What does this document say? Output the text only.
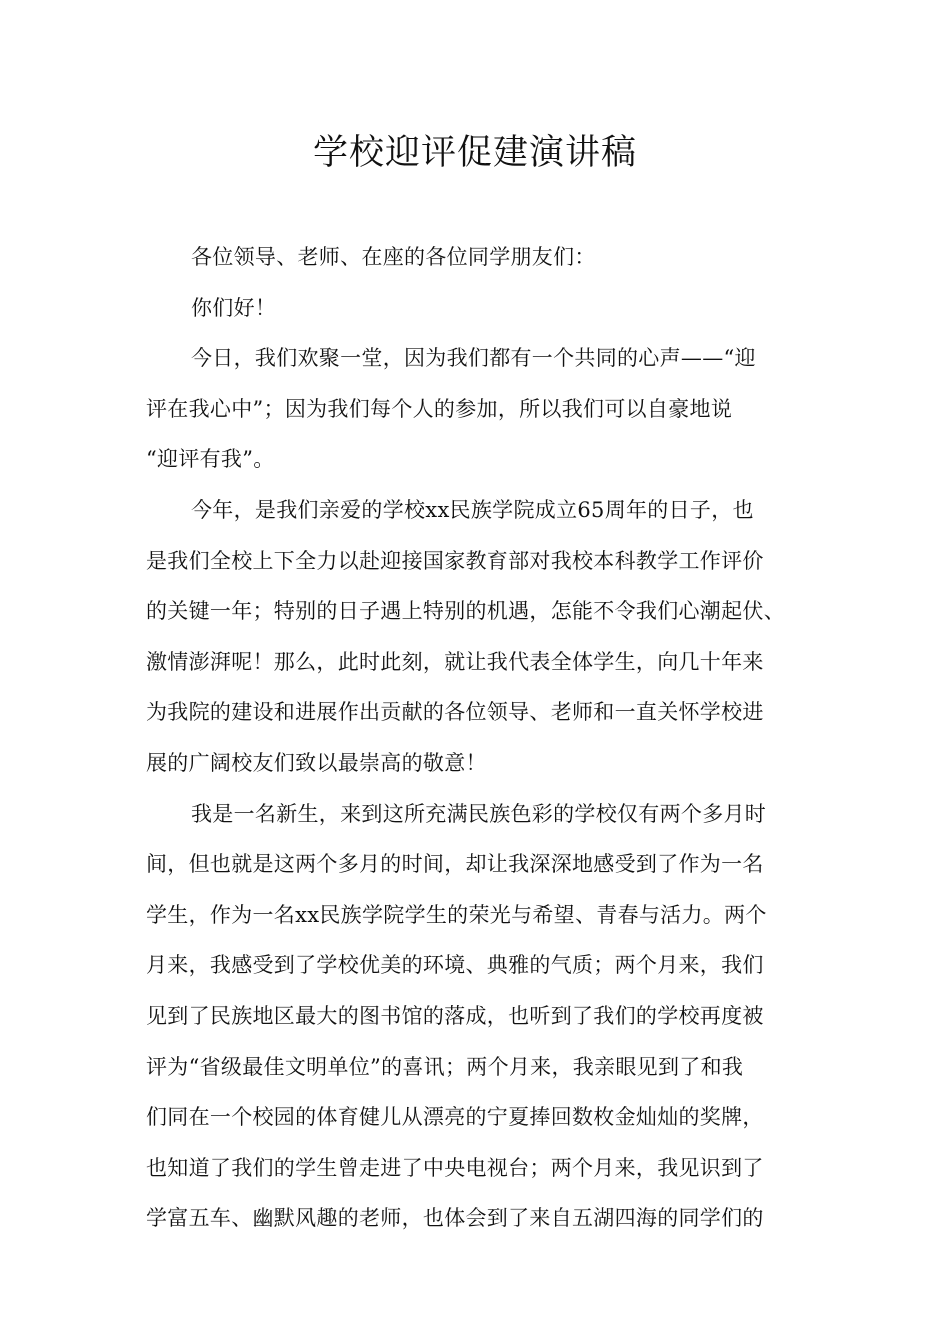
学校迎评促建演讲稿
各位领导、老师、在座的各位同学朋友们：
你们好！
今日，我们欢聚一堂，因为我们都有一个共同的心声——“迎
评在我心中”；因为我们每个人的参加，所以我们可以自豪地说
“迎评有我”。
今年，是我们亲爱的学校xx民族学院成立65周年的日子，也
是我们全校上下全力以赴迎接国家教育部对我校本科教学工作评价
的关键一年；特别的日子遇上特别的机遇，怎能不令我们心潮起伏、
激情澎湃呢！那么，此时此刻，就让我代表全体学生，向几十年来
为我院的建设和进展作出贡献的各位领导、老师和一直关怀学校进
展的广阔校友们致以最崇高的敬意！
我是一名新生，来到这所充满民族色彩的学校仅有两个多月时
间，但也就是这两个多月的时间，却让我深深地感受到了作为一名
学生，作为一名xx民族学院学生的荣光与希望、青春与活力。两个
月来，我感受到了学校优美的环境、典雅的气质；两个月来，我们
见到了民族地区最大的图书馆的落成，也听到了我们的学校再度被
评为“省级最佳文明单位”的喜讯；两个月来，我亲眼见到了和我
们同在一个校园的体育健儿从漂亮的宁夏捧回数枚金灿灿的奖牌，
也知道了我们的学生曾走进了中央电视台；两个月来，我见识到了
学富五车、幽默风趣的老师，也体会到了来自五湖四海的同学们的
